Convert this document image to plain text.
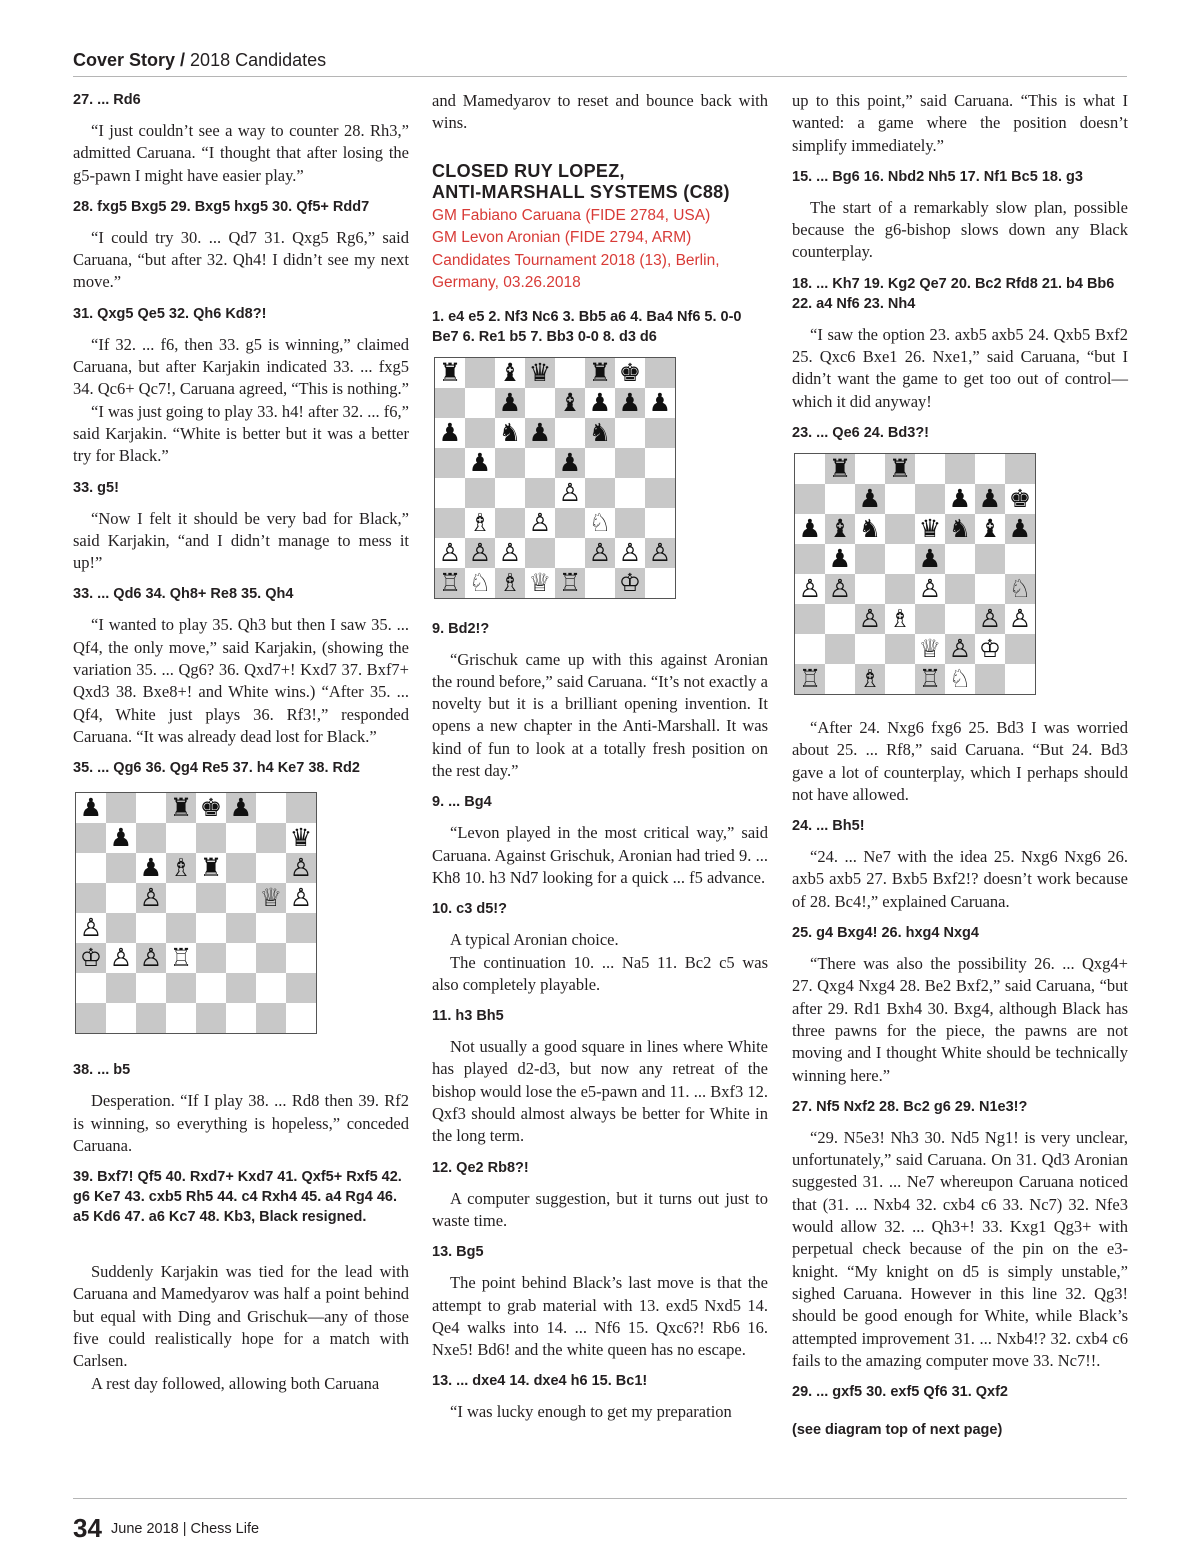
Cover Story / 2018 Candidates

27. ... Rd6

“I just couldn’t see a way to counter 28. Rh3,” admitted Caruana. “I thought that after losing the g5-pawn I might have easier play.”

28. fxg5 Bxg5 29. Bxg5 hxg5 30. Qf5+ Rdd7

“I could try 30. ... Qd7 31. Qxg5 Rg6,” said Caruana, “but after 32. Qh4! I didn’t see my next move.”

31. Qxg5 Qe5 32. Qh6 Kd8?!

“If 32. ... f6, then 33. g5 is winning,” claimed Caruana, but after Karjakin indicated 33. ... fxg5 34. Qc6+ Qc7!, Caruana agreed, “This is nothing.”

“I was just going to play 33. h4! after 32. ... f6,” said Karjakin. “White is better but it was a better try for Black.”

33. g5!

“Now I felt it should be very bad for Black,” said Karjakin, “and I didn’t manage to mess it up!”

33. ... Qd6 34. Qh8+ Re8 35. Qh4

“I wanted to play 35. Qh3 but then I saw 35. ... Qf4, the only move,” said Karjakin, (showing the variation 35. ... Qg6? 36. Qxd7+! Kxd7 37. Bxf7+ Qxd3 38. Bxe8+! and White wins.) “After 35. ... Qf4, White just plays 36. Rf3!,” responded Caruana. “It was already dead lost for Black.”

35. ... Qg6 36. Qg4 Re5 37. h4 Ke7 38. Rd2

♟	♜ ♚ ♟
♟	♛
♟ ♗ ♜	♙
♙	♕ ♙
♙
♔ ♙ ♙ ♖

38. ... b5

Desperation. “If I play 38. ... Rd8 then 39. Rf2 is winning, so everything is hopeless,” conceded Caruana.

39. Bxf7! Qf5 40. Rxd7+ Kxd7 41. Qxf5+ Rxf5 42. g6 Ke7 43. cxb5 Rh5 44. c4 Rxh4 45. a4 Rg4 46. a5 Kd6 47. a6 Kc7 48. Kb3, Black resigned.

Suddenly Karjakin was tied for the lead with Caruana and Mamedyarov was half a point behind but equal with Ding and Grischuk—any of those five could realistically hope for a match with Carlsen.

A rest day followed, allowing both Caruana

and Mamedyarov to reset and bounce back with wins.

CLOSED RUY LOPEZ,
ANTI-MARSHALL SYSTEMS (C88)

GM Fabiano Caruana (FIDE 2784, USA)
GM Levon Aronian (FIDE 2794, ARM)
Candidates Tournament 2018 (13), Berlin, Germany, 03.26.2018

1. e4 e5 2. Nf3 Nc6 3. Bb5 a6 4. Ba4 Nf6 5. 0-0 Be7 6. Re1 b5 7. Bb3 0-0 8. d3 d6

♜ ♝ ♛ ♜ ♚
♟ ♝ ♟ ♟ ♟
♟ ♞ ♟ ♞
♟	♟
♙
♗ ♙ ♘
♙ ♙ ♙	♙ ♙ ♙
♖ ♘ ♗ ♕ ♖ ♔

9. Bd2!?

“Grischuk came up with this against Aronian the round before,” said Caruana. “It’s not exactly a novelty but it is a brilliant opening invention. It opens a new chapter in the Anti-Marshall. It was kind of fun to look at a totally fresh position on the rest day.”

9. ... Bg4

“Levon played in the most critical way,” said Caruana. Against Grischuk, Aronian had tried 9. ... Kh8 10. h3 Nd7 looking for a quick ... f5 advance.

10. c3 d5!?

A typical Aronian choice.

The continuation 10. ... Na5 11. Bc2 c5 was also completely playable.

11. h3 Bh5

Not usually a good square in lines where White has played d2-d3, but now any retreat of the bishop would lose the e5-pawn and 11. ... Bxf3 12. Qxf3 should almost always be better for White in the long term.

12. Qe2 Rb8?!

A computer suggestion, but it turns out just to waste time.

13. Bg5

The point behind Black’s last move is that the attempt to grab material with 13. exd5 Nxd5 14. Qe4 walks into 14. ... Nf6 15. Qxc6?! Rb6 16. Nxe5! Bd6! and the white queen has no escape.

13. ... dxe4 14. dxe4 h6 15. Bc1!

“I was lucky enough to get my preparation

up to this point,” said Caruana. “This is what I wanted: a game where the position doesn’t simplify immediately.”

15. ... Bg6 16. Nbd2 Nh5 17. Nf1 Bc5 18. g3

The start of a remarkably slow plan, possible because the g6-bishop slows down any Black counterplay.

18. ... Kh7 19. Kg2 Qe7 20. Bc2 Rfd8 21. b4 Bb6 22. a4 Nf6 23. Nh4

“I saw the option 23. axb5 axb5 24. Qxb5 Bxf2 25. Qxc6 Bxe1 26. Nxe1,” said Caruana, “but I didn’t want the game to get too out of control—which it did anyway!

23. ... Qe6 24. Bd3?!

♜ ♜
♟	♟ ♟ ♚
♟ ♝ ♞ ♛ ♞ ♝ ♟
♟	♟
♙ ♙	♙	♘
♙ ♗	♙ ♙
♕ ♙ ♔
♖ ♗ ♖ ♘

“After 24. Nxg6 fxg6 25. Bd3 I was worried about 25. ... Rf8,” said Caruana. “But 24. Bd3 gave a lot of counterplay, which I perhaps should not have allowed.

24. ... Bh5!

“24. ... Ne7 with the idea 25. Nxg6 Nxg6 26. axb5 axb5 27. Bxb5 Bxf2!? doesn’t work because of 28. Bc4!,” explained Caruana.

25. g4 Bxg4! 26. hxg4 Nxg4

“There was also the possibility 26. ... Qxg4+ 27. Qxg4 Nxg4 28. Be2 Bxf2,” said Caruana, “but after 29. Rd1 Bxh4 30. Bxg4, although Black has three pawns for the piece, the pawns are not moving and I thought White should be technically winning here.”

27. Nf5 Nxf2 28. Bc2 g6 29. N1e3!?

“29. N5e3! Nh3 30. Nd5 Ng1! is very unclear, unfortunately,” said Caruana. On 31. Qd3 Aronian suggested 31. ... Ne7 whereupon Caruana noticed that (31. ... Nxb4 32. cxb4 c6 33. Nc7) 32. Nfe3 would allow 32. ... Qh3+! 33. Kxg1 Qg3+ with perpetual check because of the pin on the e3-knight. “My knight on d5 is simply unstable,” sighed Caruana. However in this line 32. Qg3! should be good enough for White, while Black’s attempted improvement 31. ... Nxb4!? 32. cxb4 c6 fails to the amazing computer move 33. Nc7!!.

29. ... gxf5 30. exf5 Qf6 31. Qxf2

(see diagram top of next page)

34 June 2018 | Chess Life
